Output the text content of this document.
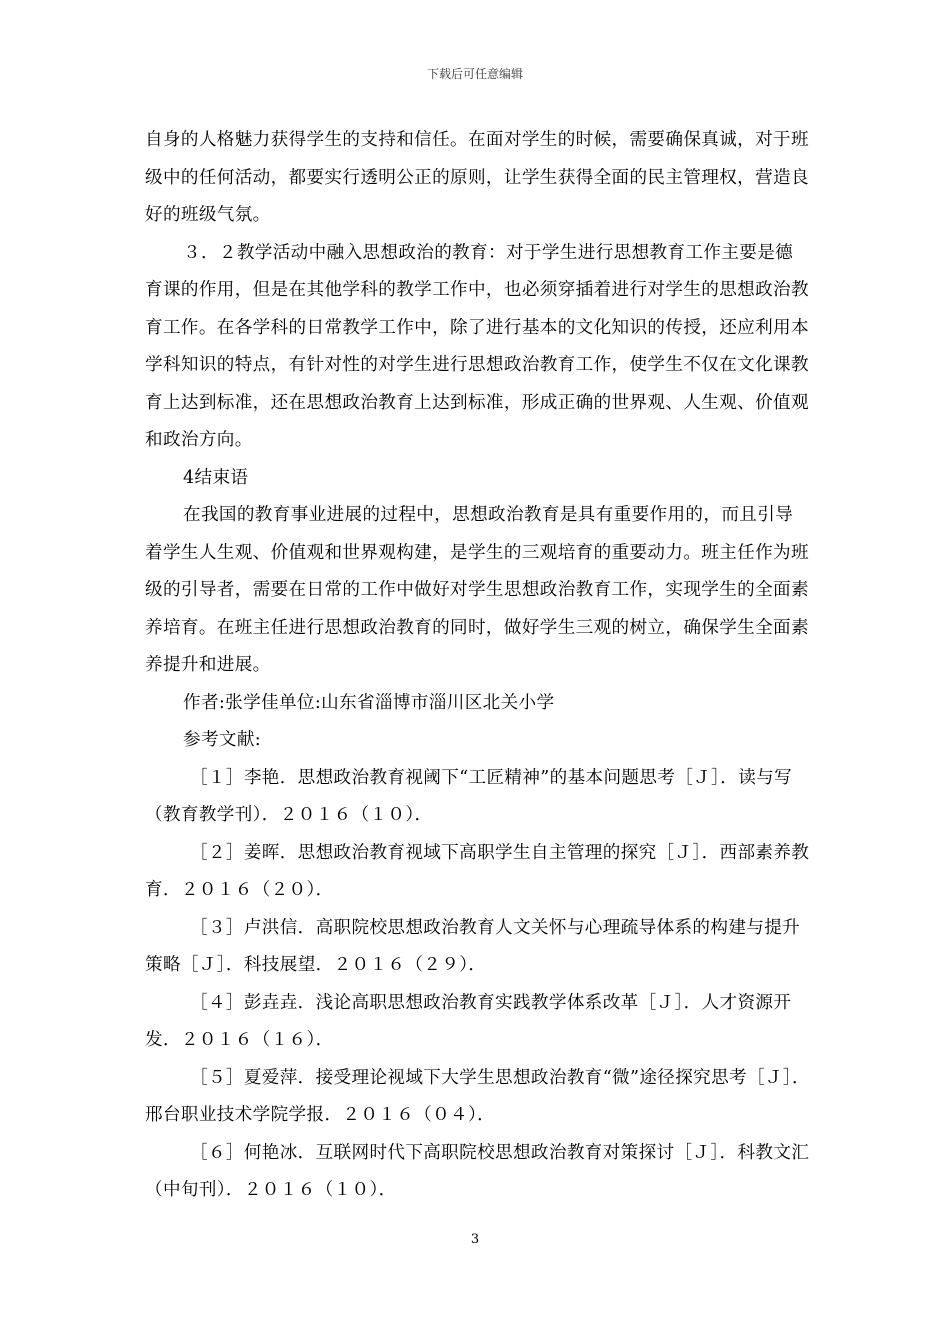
下载后可任意编辑

自身的人格魅力获得学生的支持和信任。在面对学生的时候，需要确保真诚，对于班级中的任何活动，都要实行透明公正的原则，让学生获得全面的民主管理权，营造良好的班级气氛。

３．２教学活动中融入思想政治的教育：对于学生进行思想教育工作主要是德育课的作用，但是在其他学科的教学工作中，也必须穿插着进行对学生的思想政治教育工作。在各学科的日常教学工作中，除了进行基本的文化知识的传授，还应利用本学科知识的特点，有针对性的对学生进行思想政治教育工作，使学生不仅在文化课教育上达到标准，还在思想政治教育上达到标准，形成正确的世界观、人生观、价值观和政治方向。

4结束语

在我国的教育事业进展的过程中，思想政治教育是具有重要作用的，而且引导着学生人生观、价值观和世界观构建，是学生的三观培育的重要动力。班主任作为班级的引导者，需要在日常的工作中做好对学生思想政治教育工作，实现学生的全面素养培育。在班主任进行思想政治教育的同时，做好学生三观的树立，确保学生全面素养提升和进展。

作者:张学佳单位:山东省淄博市淄川区北关小学

参考文献:

［１］李艳．思想政治教育视阈下“工匠精神”的基本问题思考［Ｊ］．读与写（教育教学刊）．２０１６（１０）．

［２］姜晖．思想政治教育视域下高职学生自主管理的探究［Ｊ］．西部素养教育．２０１６（２０）．

［３］卢洪信．高职院校思想政治教育人文关怀与心理疏导体系的构建与提升策略［Ｊ］．科技展望．２０１６（２９）．

［４］彭垚垚．浅论高职思想政治教育实践教学体系改革［Ｊ］．人才资源开发．２０１６（１６）．

［５］夏爱萍．接受理论视域下大学生思想政治教育“微”途径探究思考［Ｊ］．邢台职业技术学院学报．２０１６（０４）．

［６］何艳冰．互联网时代下高职院校思想政治教育对策探讨［Ｊ］．科教文汇（中旬刊）．２０１６（１０）．

3
